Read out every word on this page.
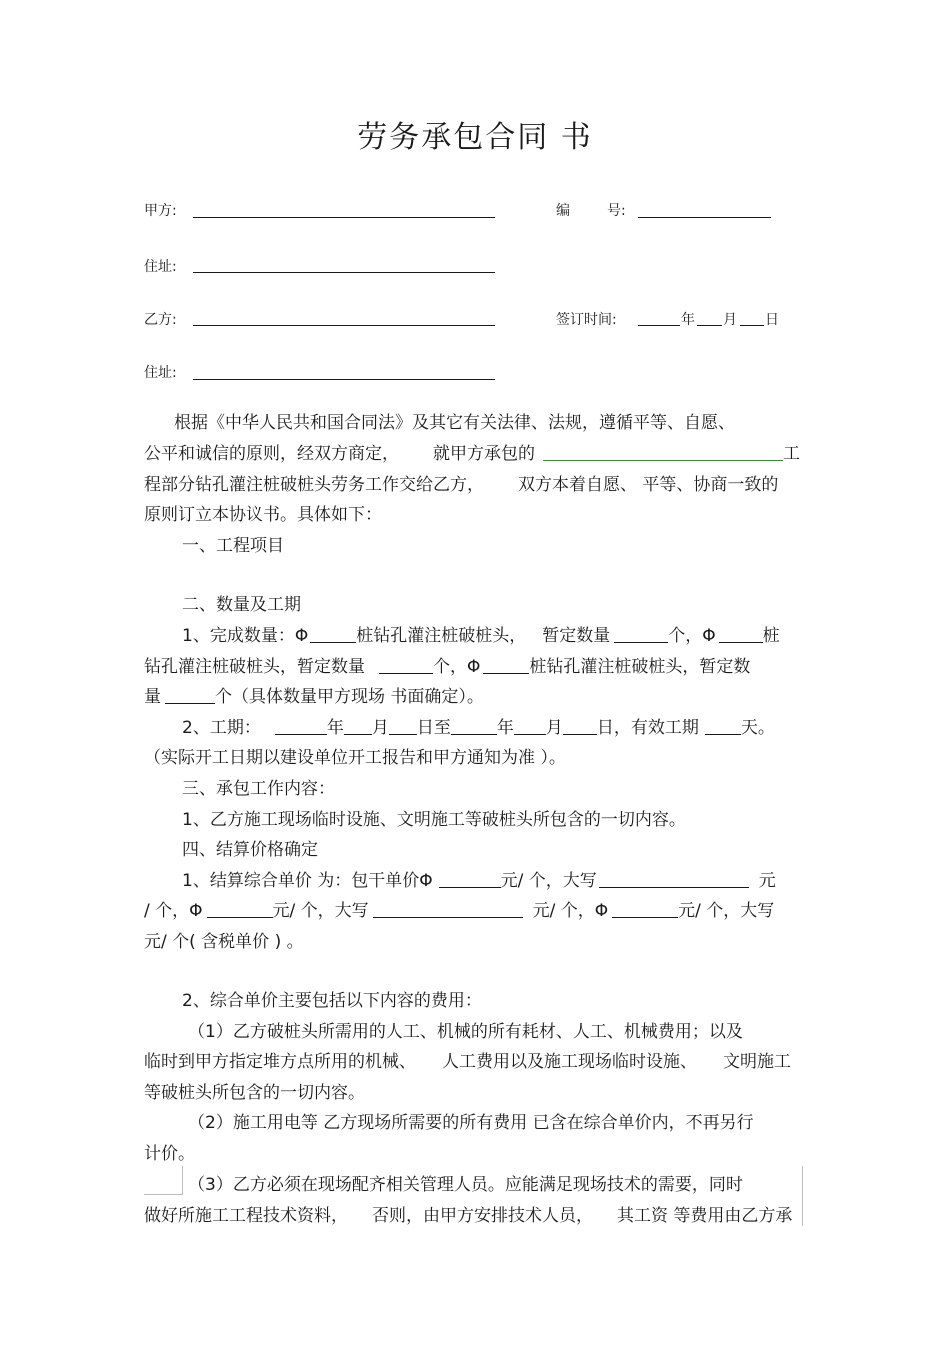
劳务承包合同 书
甲方:	编	号:
住址:
乙方:	签订时间:	年 月 日
住址:
根据《中华人民共和国合同法》及其它有关法律、法规，遵循平等、自愿、
公平和诚信的原则，经双方商定， 就甲方承包的	工
程部分钻孔灌注桩破桩头劳务工作交给乙方， 双方本着自愿、 平等、协商一致的
原则订立本协议书。具体如下：
一、工程项目
二、数量及工期
1、完成数量：Φ	桩钻孔灌注桩破桩头， 暂定数量	个，Φ	桩
钻孔灌注桩破桩头，暂定数量	个，Φ	桩钻孔灌注桩破桩头，暂定数
量	个（具体数量甲方现场 书面确定）。
2、工期：	年 月 日至	年 月 日，有效工期 天。
（实际开工日期以建设单位开工报告和甲方通知为准 ）。
三、承包工作内容：
1、乙方施工现场临时设施、文明施工等破桩头所包含的一切内容。
四、结算价格确定
1、结算综合单价 为：包干单价Φ	元/ 个，大写	元
/ 个，Φ	元/ 个，大写	元/ 个，Φ	元/ 个，大写
元/ 个( 含税单价 ) 。
2、综合单价主要包括以下内容的费用：
（1）乙方破桩头所需用的人工、机械的所有耗材、人工、机械费用；以及
临时到甲方指定堆方点所用的机械、 人工费用以及施工现场临时设施、 文明施工
等破桩头所包含的一切内容。
（2）施工用电等 乙方现场所需要的所有费用 已含在综合单价内，不再另行
计价。
（3）乙方必须在现场配齐相关管理人员。应能满足现场技术的需要，同时
做好所施工工程技术资料， 否则，由甲方安排技术人员， 其工资 等费用由乙方承
